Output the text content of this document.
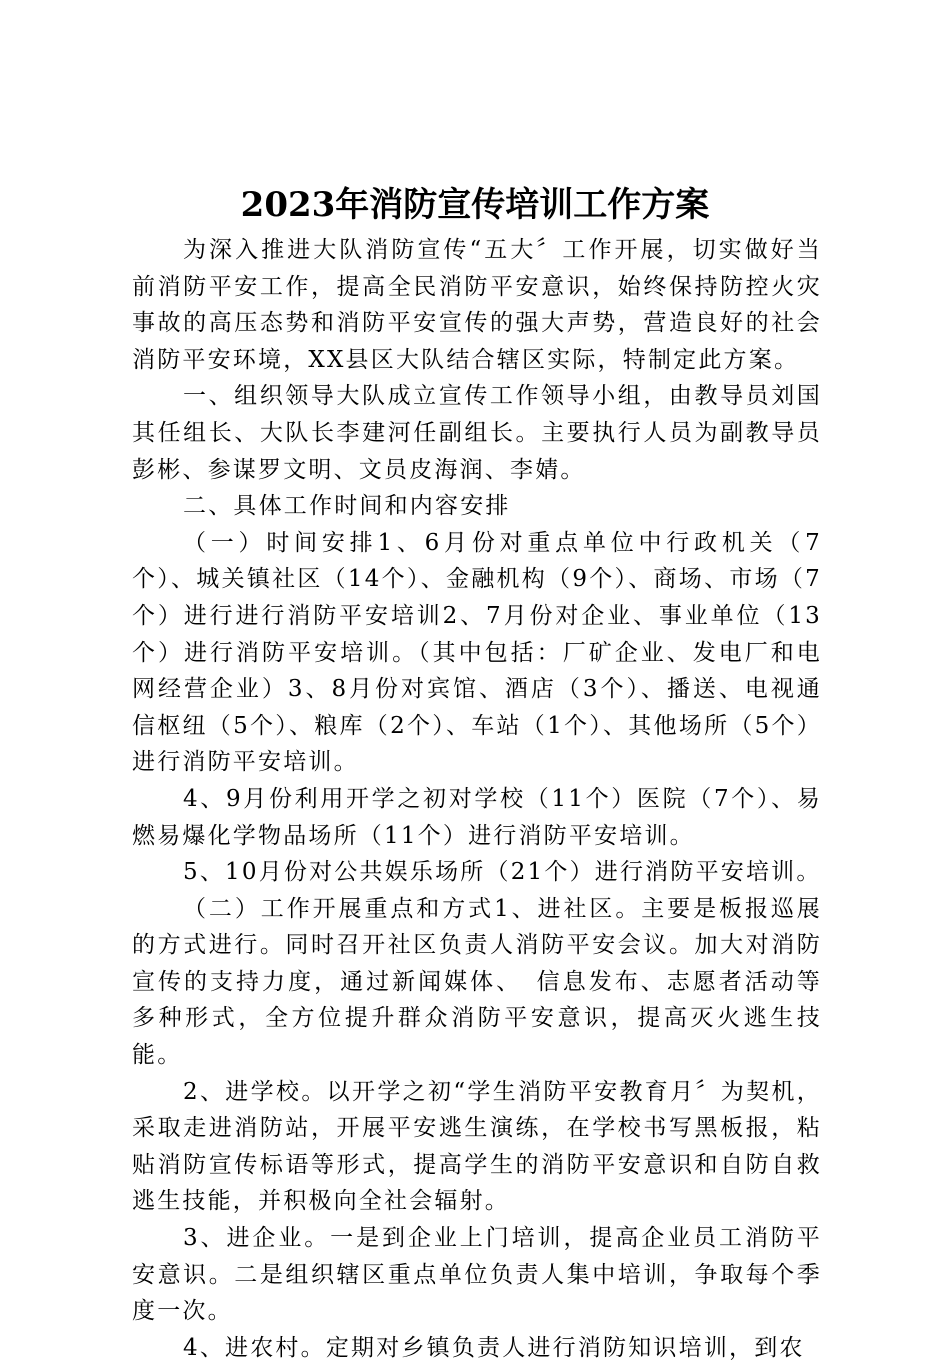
2023年消防宣传培训工作方案

为深入推进大队消防宣传“五大〞工作开展，切实做好当前消防平安工作，提高全民消防平安意识，始终保持防控火灾事故的高压态势和消防平安宣传的强大声势，营造良好的社会消防平安环境，XX县区大队结合辖区实际，特制定此方案。

一、组织领导大队成立宣传工作领导小组，由教导员刘国其任组长、大队长李建河任副组长。主要执行人员为副教导员彭彬、参谋罗文明、文员皮海润、李婧。

二、具体工作时间和内容安排

（一）时间安排1、6月份对重点单位中行政机关（7个）、城关镇社区（14个）、金融机构（9个）、商场、市场（7个）进行进行消防平安培训2、7月份对企业、事业单位（13个）进行消防平安培训。（其中包括：厂矿企业、发电厂和电网经营企业）3、8月份对宾馆、酒店（3个）、播送、电视通信枢纽（5个）、粮库（2个）、车站（1个）、其他场所（5个）进行消防平安培训。

4、9月份利用开学之初对学校（11个）医院（7个）、易燃易爆化学物品场所（11个）进行消防平安培训。

5、10月份对公共娱乐场所（21个）进行消防平安培训。

（二）工作开展重点和方式1、进社区。主要是板报巡展的方式进行。同时召开社区负责人消防平安会议。加大对消防宣传的支持力度，通过新闻媒体、　信息发布、志愿者活动等多种形式，全方位提升群众消防平安意识，提高灭火逃生技能。

2、进学校。以开学之初“学生消防平安教育月〞为契机，采取走进消防站，开展平安逃生演练，在学校书写黑板报，粘贴消防宣传标语等形式，提高学生的消防平安意识和自防自救逃生技能，并积极向全社会辐射。

3、进企业。一是到企业上门培训，提高企业员工消防平安意识。二是组织辖区重点单位负责人集中培训，争取每个季度一次。

4、进农村。定期对乡镇负责人进行消防知识培训，到农
